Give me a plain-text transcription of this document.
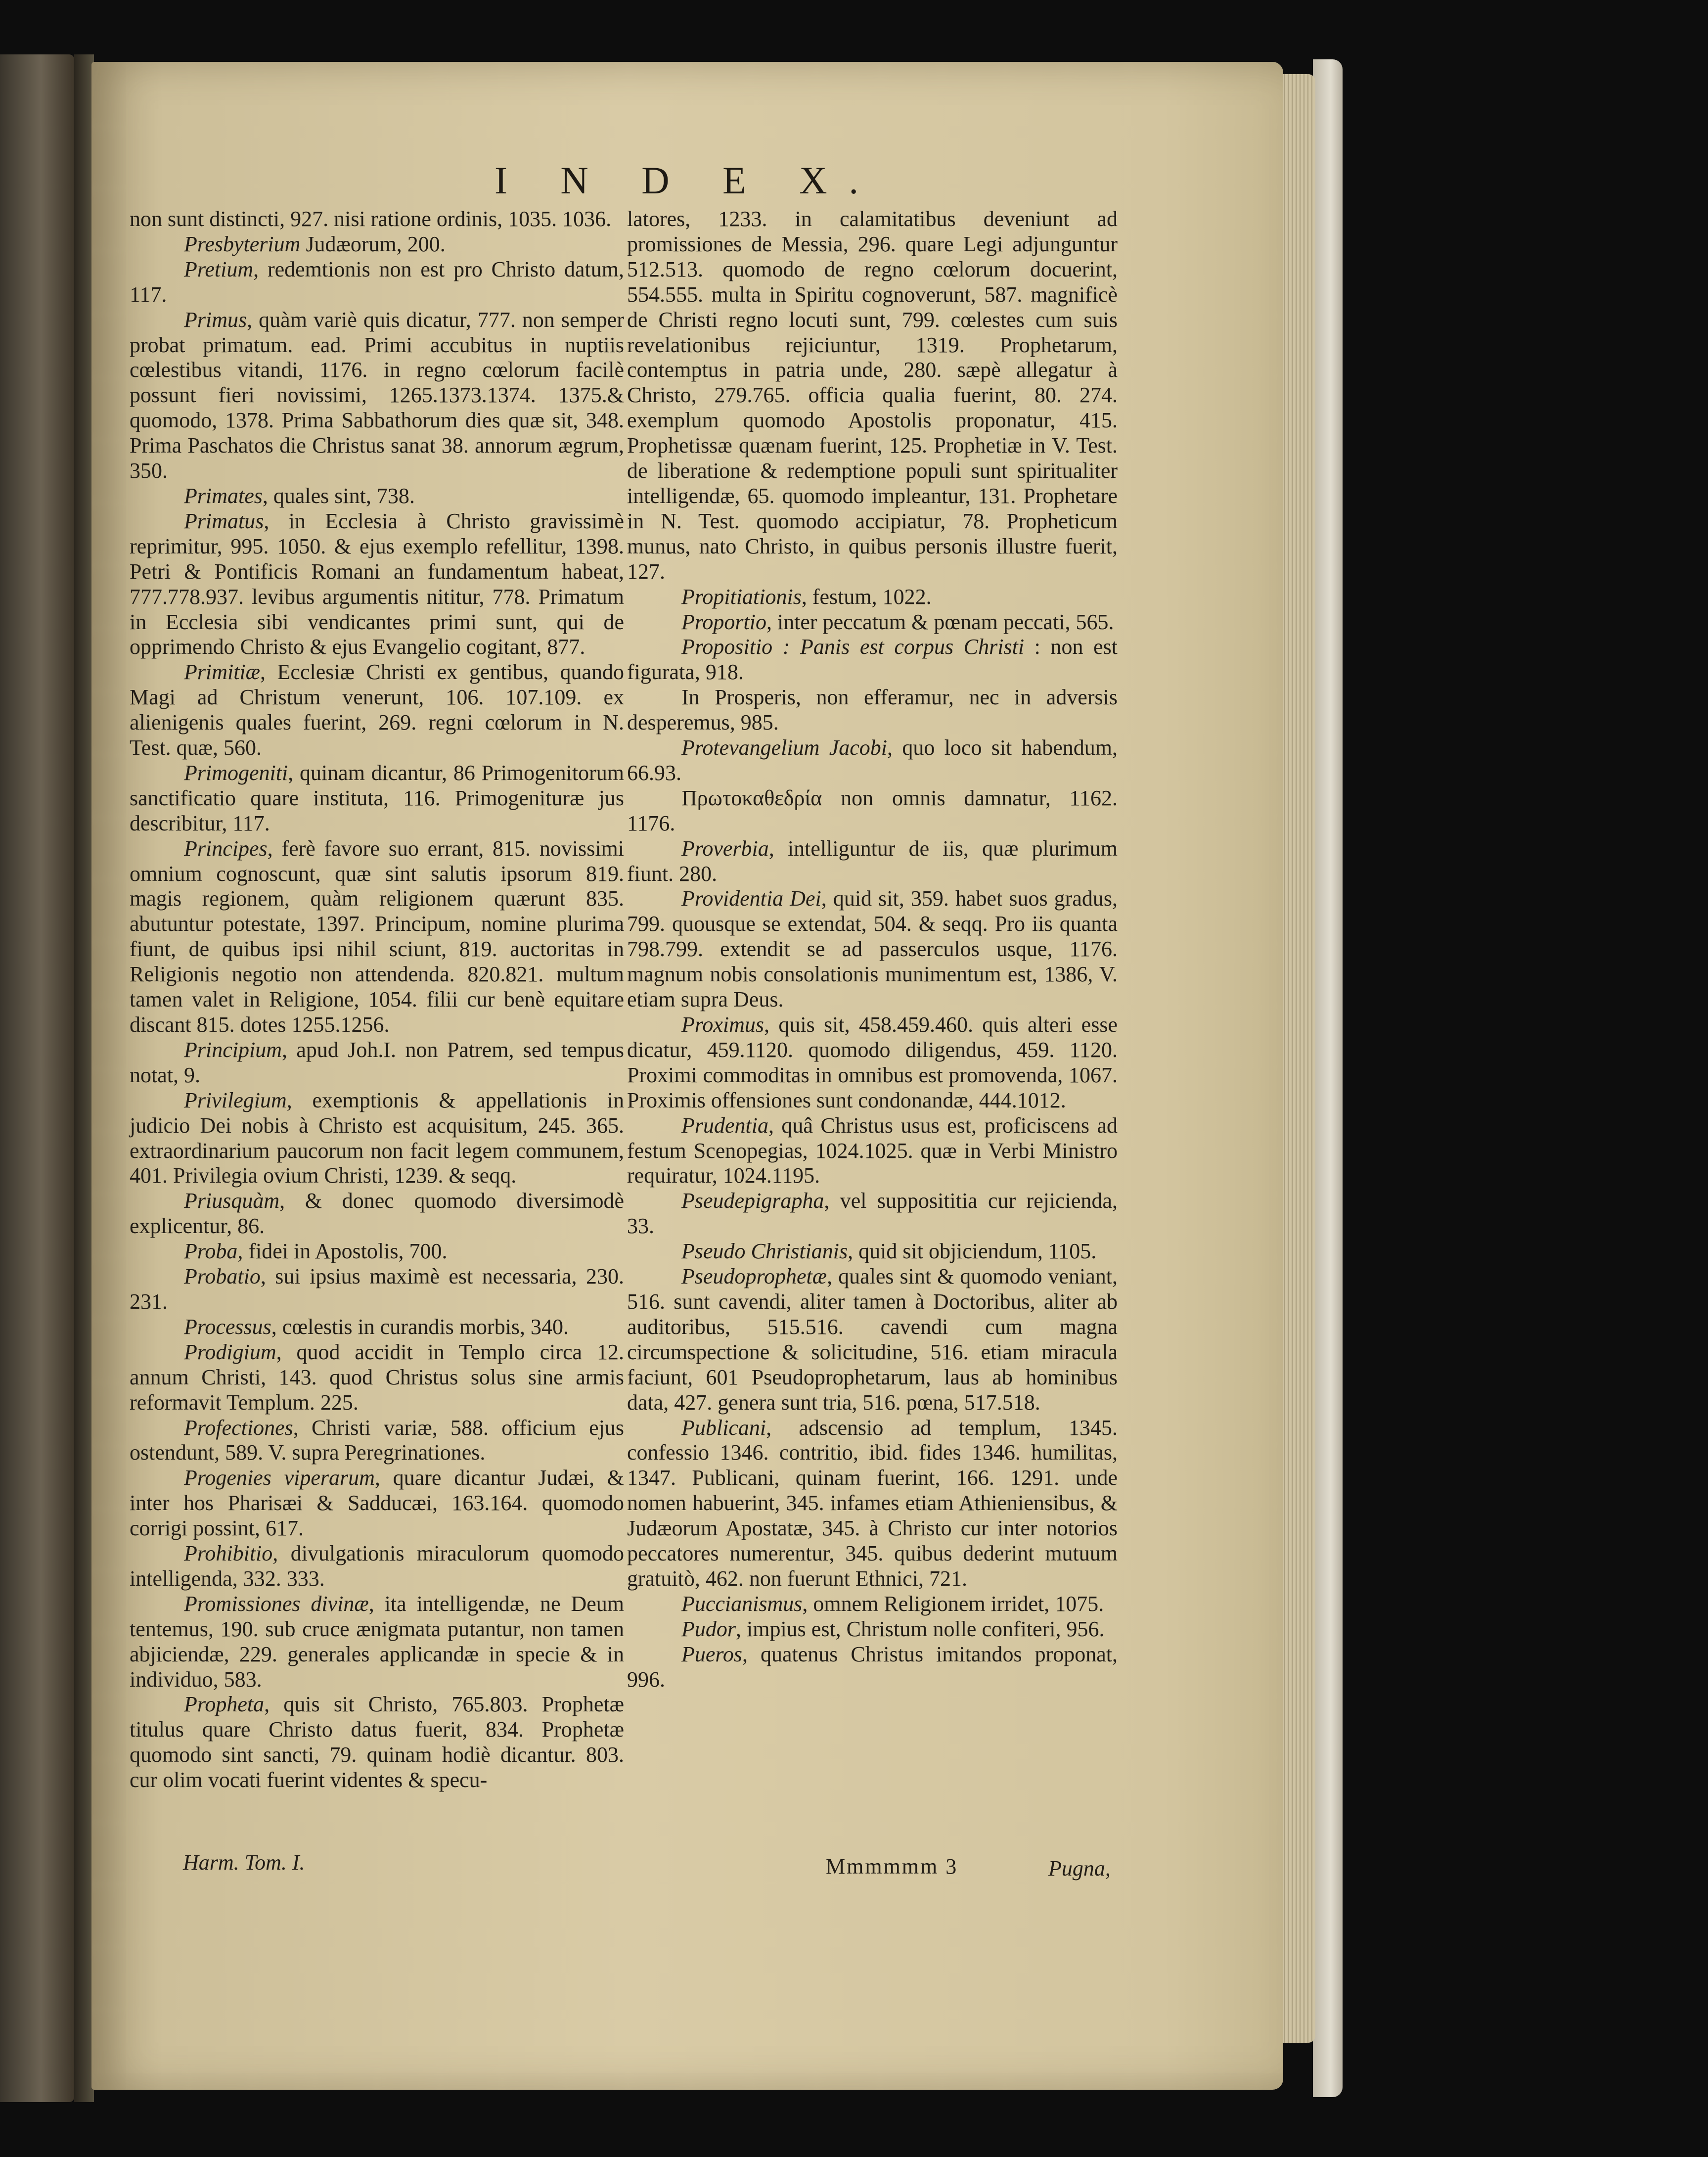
I N D E X.

non sunt distincti, 927. nisi ratione ordinis, 1035. 1036.

Presbyterium Judæorum, 200.

Pretium, redemtionis non est pro Christo datum, 117.

Primus, quàm variè quis dicatur, 777. non semper probat primatum. ead. Primi accubitus in nuptiis cœlestibus vitandi, 1176. in regno cœlorum facilè possunt fieri novissimi, 1265.1373.1374. 1375.& quomodo, 1378. Prima Sabbathorum dies quæ sit, 348. Prima Paschatos die Christus sanat 38. annorum ægrum, 350.

Primates, quales sint, 738.

Primatus, in Ecclesia à Christo gravissimè reprimitur, 995. 1050. & ejus exemplo refellitur, 1398. Petri & Pontificis Romani an fundamentum habeat, 777.778.937. levibus argumentis nititur, 778. Primatum in Ecclesia sibi vendicantes primi sunt, qui de opprimendo Christo & ejus Evangelio cogitant, 877.

Primitiæ, Ecclesiæ Christi ex gentibus, quando Magi ad Christum venerunt, 106. 107.109. ex alienigenis quales fuerint, 269. regni cœlorum in N. Test. quæ, 560.

Primogeniti, quinam dicantur, 86 Primogenitorum sanctificatio quare instituta, 116. Primogenituræ jus describitur, 117.

Principes, ferè favore suo errant, 815. novissimi omnium cognoscunt, quæ sint salutis ipsorum 819. magis regionem, quàm religionem quærunt 835. abutuntur potestate, 1397. Principum, nomine plurima fiunt, de quibus ipsi nihil sciunt, 819. auctoritas in Religionis negotio non attendenda. 820.821. multum tamen valet in Religione, 1054. filii cur benè equitare discant 815. dotes 1255.1256.

Principium, apud Joh.I. non Patrem, sed tempus notat, 9.

Privilegium, exemptionis & appellationis in judicio Dei nobis à Christo est acquisitum, 245. 365. extraordinarium paucorum non facit legem communem, 401. Privilegia ovium Christi, 1239. & seqq.

Priusquàm, & donec quomodo diversimodè explicentur, 86.

Proba, fidei in Apostolis, 700.

Probatio, sui ipsius maximè est necessaria, 230. 231.

Processus, cœlestis in curandis morbis, 340.

Prodigium, quod accidit in Templo circa 12. annum Christi, 143. quod Christus solus sine armis reformavit Templum. 225.

Profectiones, Christi variæ, 588. officium ejus ostendunt, 589. V. supra Peregrinationes.

Progenies viperarum, quare dicantur Judæi, & inter hos Pharisæi & Sadducæi, 163.164. quomodo corrigi possint, 617.

Prohibitio, divulgationis miraculorum quomodo intelligenda, 332. 333.

Promissiones divinæ, ita intelligendæ, ne Deum tentemus, 190. sub cruce ænigmata putantur, non tamen abjiciendæ, 229. generales applicandæ in specie & in individuo, 583.

Propheta, quis sit Christo, 765.803. Prophetæ titulus quare Christo datus fuerit, 834. Prophetæ quomodo sint sancti, 79. quinam hodiè dicantur. 803. cur olim vocati fuerint videntes & specu-

latores, 1233. in calamitatibus deveniunt ad promissiones de Messia, 296. quare Legi adjunguntur 512.513. quomodo de regno cœlorum docuerint, 554.555. multa in Spiritu cognoverunt, 587. magnificè de Christi regno locuti sunt, 799. cœlestes cum suis revelationibus rejiciuntur, 1319. Prophetarum, contemptus in patria unde, 280. sæpè allegatur à Christo, 279.765. officia qualia fuerint, 80. 274. exemplum quomodo Apostolis proponatur, 415. Prophetissæ quænam fuerint, 125. Prophetiæ in V. Test. de liberatione & redemptione populi sunt spiritualiter intelligendæ, 65. quomodo impleantur, 131. Prophetare in N. Test. quomodo accipiatur, 78. Propheticum munus, nato Christo, in quibus personis illustre fuerit, 127.

Propitiationis, festum, 1022.

Proportio, inter peccatum & pœnam peccati, 565.

Propositio : Panis est corpus Christi : non est figurata, 918.

In Prosperis, non efferamur, nec in adversis desperemus, 985.

Protevangelium Jacobi, quo loco sit habendum, 66.93.

Πρωτοκαθεδρία non omnis damnatur, 1162. 1176.

Proverbia, intelliguntur de iis, quæ plurimum fiunt. 280.

Providentia Dei, quid sit, 359. habet suos gradus, 799. quousque se extendat, 504. & seqq. Pro iis quanta 798.799. extendit se ad passerculos usque, 1176. magnum nobis consolationis munimentum est, 1386, V. etiam supra Deus.

Proximus, quis sit, 458.459.460. quis alteri esse dicatur, 459.1120. quomodo diligendus, 459. 1120. Proximi commoditas in omnibus est promovenda, 1067. Proximis offensiones sunt condonandæ, 444.1012.

Prudentia, quâ Christus usus est, proficiscens ad festum Scenopegias, 1024.1025. quæ in Verbi Ministro requiratur, 1024.1195.

Pseudepigrapha, vel supposititia cur rejicienda, 33.

Pseudo Christianis, quid sit objiciendum, 1105.

Pseudoprophetæ, quales sint & quomodo veniant, 516. sunt cavendi, aliter tamen à Doctoribus, aliter ab auditoribus, 515.516. cavendi cum magna circumspectione & solicitudine, 516. etiam miracula faciunt, 601 Pseudoprophetarum, laus ab hominibus data, 427. genera sunt tria, 516. pœna, 517.518.

Publicani, adscensio ad templum, 1345. confessio 1346. contritio, ibid. fides 1346. humilitas, 1347. Publicani, quinam fuerint, 166. 1291. unde nomen habuerint, 345. infames etiam Athieniensibus, & Judæorum Apostatæ, 345. à Christo cur inter notorios peccatores numerentur, 345. quibus dederint mutuum gratuitò, 462. non fuerunt Ethnici, 721.

Puccianismus, omnem Religionem irridet, 1075.

Pudor, impius est, Christum nolle confiteri, 956.

Pueros, quatenus Christus imitandos proponat, 996.

Harm. Tom. I.	Mmmmmm 3	Pugna,
